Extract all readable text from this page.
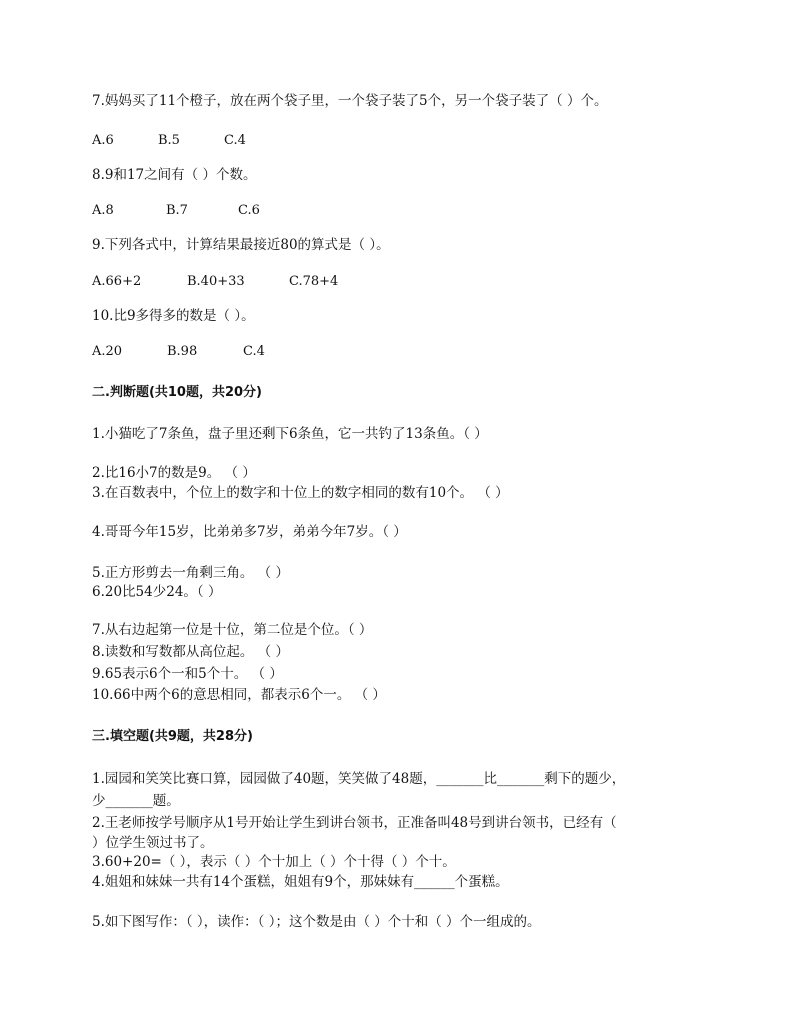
7.妈妈买了11个橙子，放在两个袋子里，一个袋子装了5个，另一个袋子装了（ ）个。
A.6	B.5	C.4
8.9和17之间有（ ）个数。
A.8	B.7	C.6
9.下列各式中，计算结果最接近80的算式是（ ）。
A.66+2	B.40+33	C.78+4
10.比9多得多的数是（ ）。
A.20	B.98	C.4
二.判断题(共10题，共20分)
1.小猫吃了7条鱼，盘子里还剩下6条鱼，它一共钓了13条鱼。（ ）
2.比16小7的数是9。 （ ）
3.在百数表中，个位上的数字和十位上的数字相同的数有10个。 （ ）
4.哥哥今年15岁，比弟弟多7岁，弟弟今年7岁。（ ）
5.正方形剪去一角剩三角。 （ ）
6.20比54少24。（ ）
7.从右边起第一位是十位，第二位是个位。（ ）
8.读数和写数都从高位起。 （ ）
9.65表示6个一和5个十。 （ ）
10.66中两个6的意思相同，都表示6个一。 （ ）
三.填空题(共9题，共28分)
1.园园和笑笑比赛口算，园园做了40题，笑笑做了48题，_______比_______剩下的题少，
少_______题。
2.王老师按学号顺序从1号开始让学生到讲台领书，正准备叫48号到讲台领书，已经有（
）位学生领过书了。
3.60+20=（ ），表示（ ）个十加上（ ）个十得（ ）个十。
4.姐姐和妹妹一共有14个蛋糕，姐姐有9个，那妹妹有______个蛋糕。
5.如下图写作：（ ），读作：（ ）；这个数是由（ ）个十和（ ）个一组成的。
